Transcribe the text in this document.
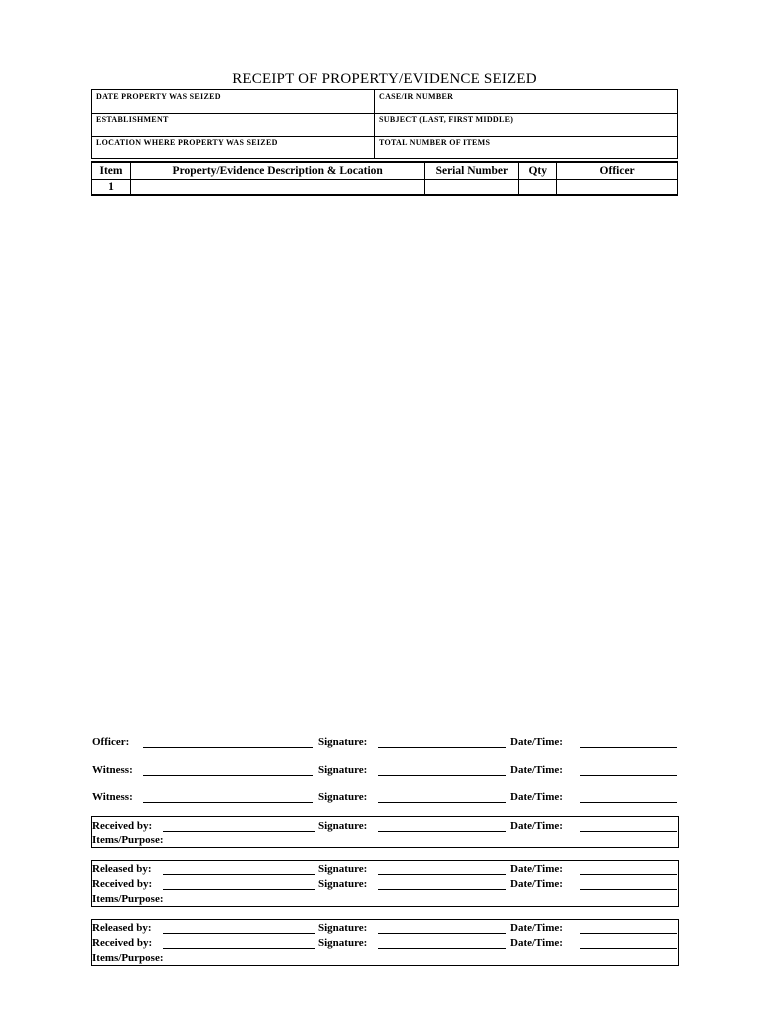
RECEIPT OF PROPERTY/EVIDENCE SEIZED
DATE PROPERTY WAS SEIZED	CASE/IR NUMBER
ESTABLISHMENT	SUBJECT (LAST, FIRST MIDDLE)
LOCATION WHERE PROPERTY WAS SEIZED	TOTAL NUMBER OF ITEMS
Item	Property/Evidence Description & Location	Serial Number	Qty	Officer
1				
Officer:	Signature:	Date/Time:
Witness:	Signature:	Date/Time:
Witness:	Signature:	Date/Time:
Received by:	Signature:	Date/Time:
Items/Purpose:
Released by:	Signature:	Date/Time:
Received by:	Signature:	Date/Time:
Items/Purpose:
Released by:	Signature:	Date/Time:
Received by:	Signature:	Date/Time:
Items/Purpose:
